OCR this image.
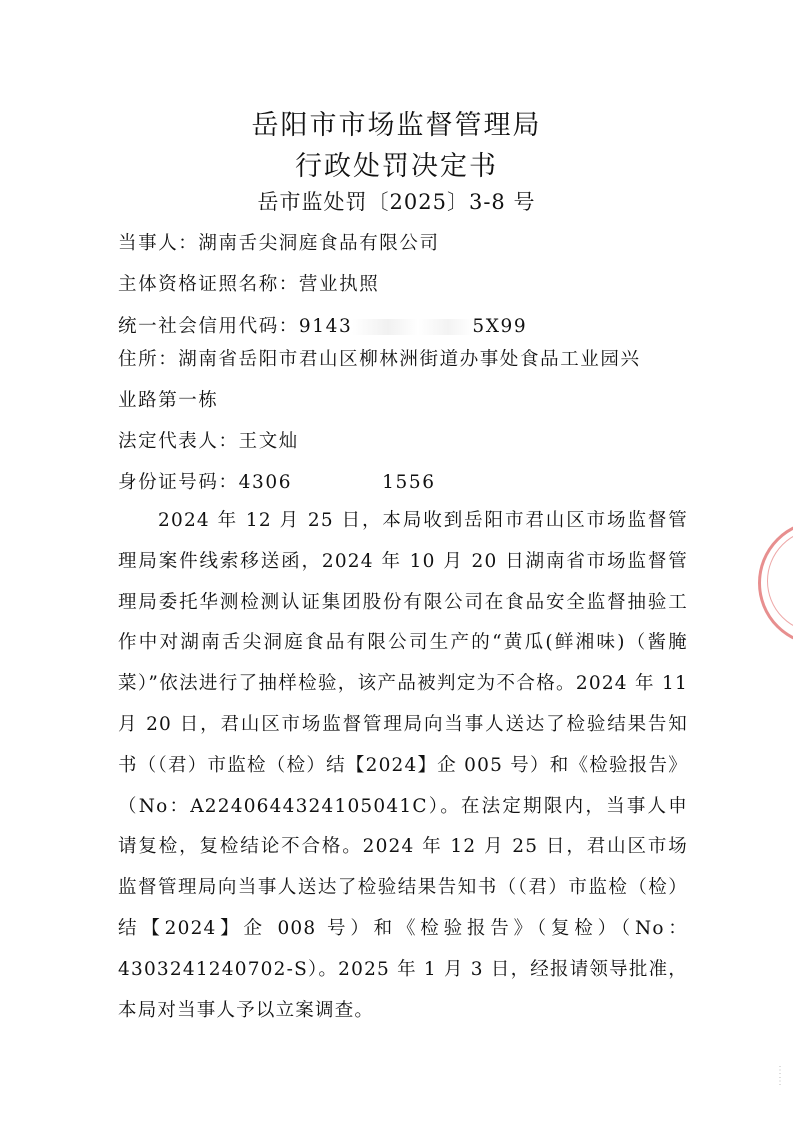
岳阳市市场监督管理局
行政处罚决定书
岳市监处罚〔2025〕3-8 号
当事人：湖南舌尖洞庭食品有限公司
主体资格证照名称：营业执照
统一社会信用代码：9143	5X99
住所：湖南省岳阳市君山区柳林洲街道办事处食品工业园兴
业路第一栋
法定代表人：王文灿
身份证号码：4306	1556
2024 年 12 月 25 日，本局收到岳阳市君山区市场监督管理局案件线索移送函，2024 年 10 月 20 日湖南省市场监督管理局委托华测检测认证集团股份有限公司在食品安全监督抽验工作中对湖南舌尖洞庭食品有限公司生产的“黄瓜(鲜湘味)（酱腌菜）”依法进行了抽样检验，该产品被判定为不合格。2024 年 11 月 20 日，君山区市场监督管理局向当事人送达了检验结果告知书（（君）市监检（检）结【2024】企 005 号）和《检验报告》（No：A2240644324105041C）。在法定期限内，当事人申请复检，复检结论不合格。2024 年 12 月 25 日，君山区市场监督管理局向当事人送达了检验结果告知书（（君）市监检（检）结【2024】企 008 号）和《检验报告》（复检）（No：4303241240702-S）。2025 年 1 月 3 日，经报请领导批准，本局对当事人予以立案调查。
⋮
⋮
